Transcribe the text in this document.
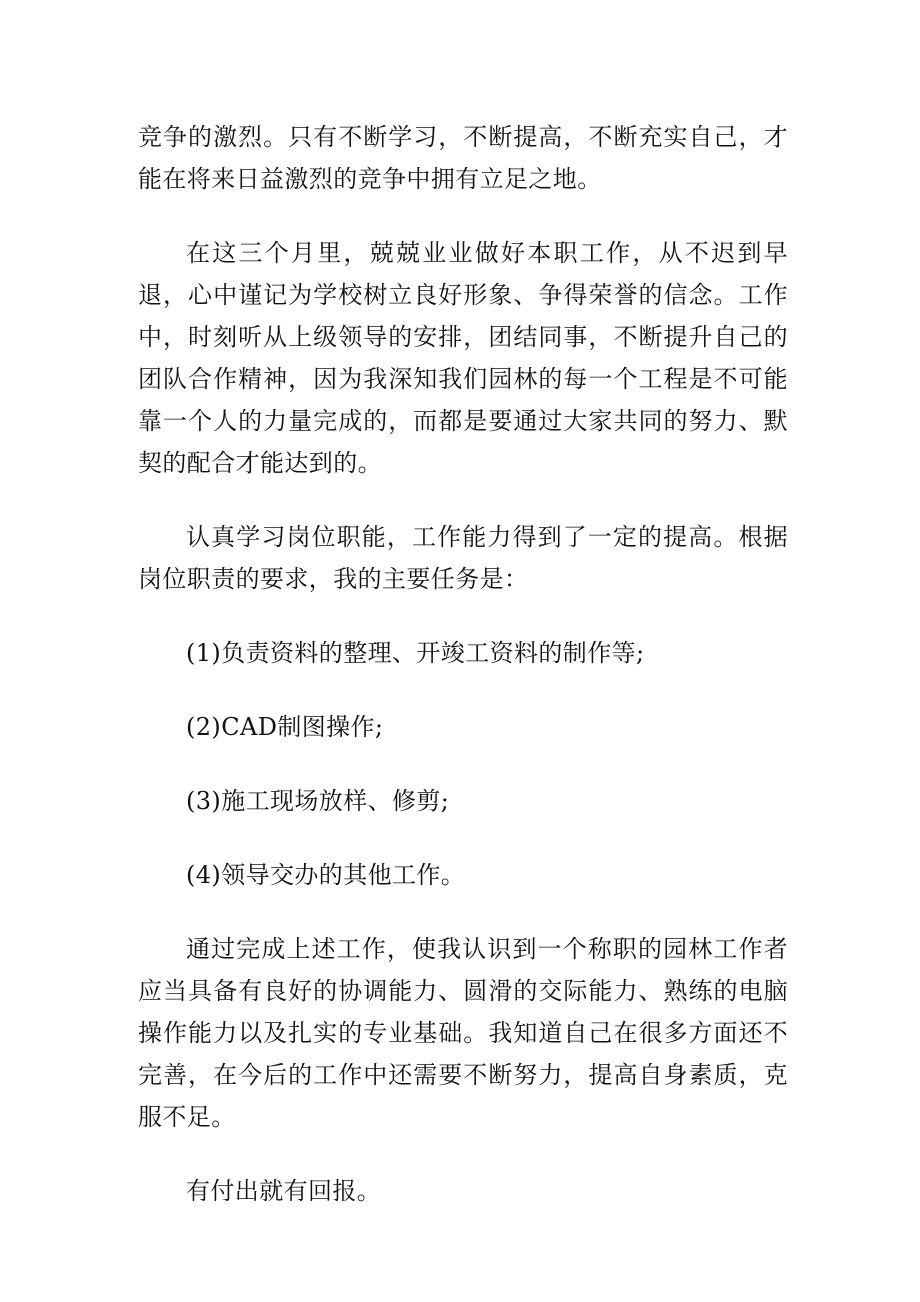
竞争的激烈。只有不断学习，不断提高，不断充实自己，才能在将来日益激烈的竞争中拥有立足之地。

在这三个月里，兢兢业业做好本职工作，从不迟到早退，心中谨记为学校树立良好形象、争得荣誉的信念。工作中，时刻听从上级领导的安排，团结同事，不断提升自己的团队合作精神，因为我深知我们园林的每一个工程是不可能靠一个人的力量完成的，而都是要通过大家共同的努力、默契的配合才能达到的。

认真学习岗位职能，工作能力得到了一定的提高。根据岗位职责的要求，我的主要任务是：

(1)负责资料的整理、开竣工资料的制作等;

(2)CAD制图操作;

(3)施工现场放样、修剪;

(4)领导交办的其他工作。

通过完成上述工作，使我认识到一个称职的园林工作者应当具备有良好的协调能力、圆滑的交际能力、熟练的电脑操作能力以及扎实的专业基础。我知道自己在很多方面还不完善，在今后的工作中还需要不断努力，提高自身素质，克服不足。

有付出就有回报。
